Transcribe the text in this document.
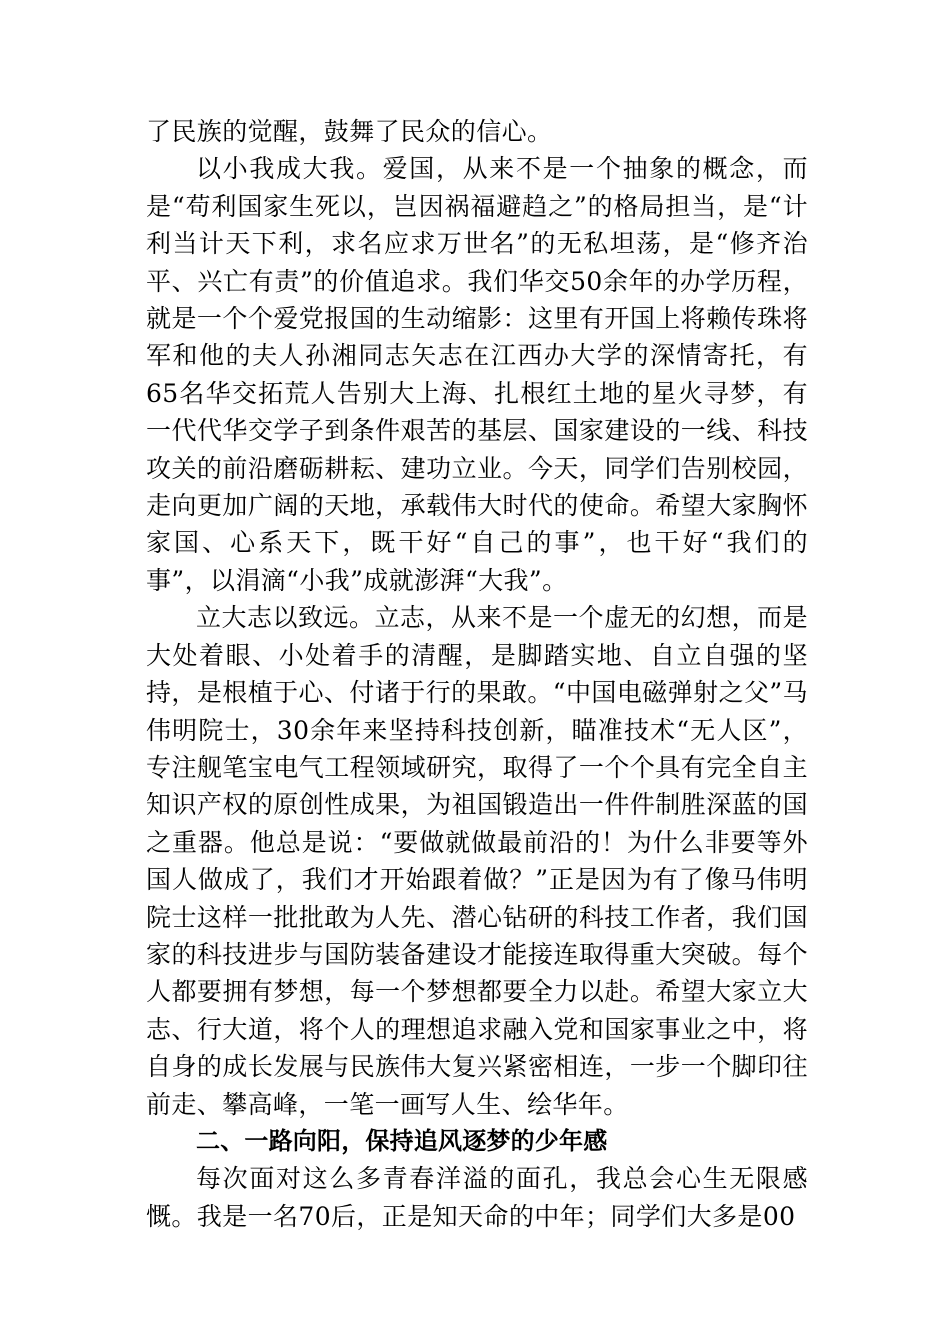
了民族的觉醒，鼓舞了民众的信心。

以小我成大我。爱国，从来不是一个抽象的概念，而是“苟利国家生死以，岂因祸福避趋之”的格局担当，是“计利当计天下利，求名应求万世名”的无私坦荡，是“修齐治平、兴亡有责”的价值追求。我们华交50余年的办学历程，就是一个个爱党报国的生动缩影：这里有开国上将赖传珠将军和他的夫人孙湘同志矢志在江西办大学的深情寄托，有65名华交拓荒人告别大上海、扎根红土地的星火寻梦，有一代代华交学子到条件艰苦的基层、国家建设的一线、科技攻关的前沿磨砺耕耘、建功立业。今天，同学们告别校园，走向更加广阔的天地，承载伟大时代的使命。希望大家胸怀家国、心系天下，既干好“自己的事”，也干好“我们的事”，以涓滴“小我”成就澎湃“大我”。

立大志以致远。立志，从来不是一个虚无的幻想，而是大处着眼、小处着手的清醒，是脚踏实地、自立自强的坚持，是根植于心、付诸于行的果敢。“中国电磁弹射之父”马伟明院士，30余年来坚持科技创新，瞄准技术“无人区”，专注舰笔宝电气工程领域研究，取得了一个个具有完全自主知识产权的原创性成果，为祖国锻造出一件件制胜深蓝的国之重器。他总是说：“要做就做最前沿的！为什么非要等外国人做成了，我们才开始跟着做？”正是因为有了像马伟明院士这样一批批敢为人先、潜心钻研的科技工作者，我们国家的科技进步与国防装备建设才能接连取得重大突破。每个人都要拥有梦想，每一个梦想都要全力以赴。希望大家立大志、行大道，将个人的理想追求融入党和国家事业之中，将自身的成长发展与民族伟大复兴紧密相连，一步一个脚印往前走、攀高峰，一笔一画写人生、绘华年。

二、一路向阳，保持追风逐梦的少年感

每次面对这么多青春洋溢的面孔，我总会心生无限感慨。我是一名70后，正是知天命的中年；同学们大多是00
